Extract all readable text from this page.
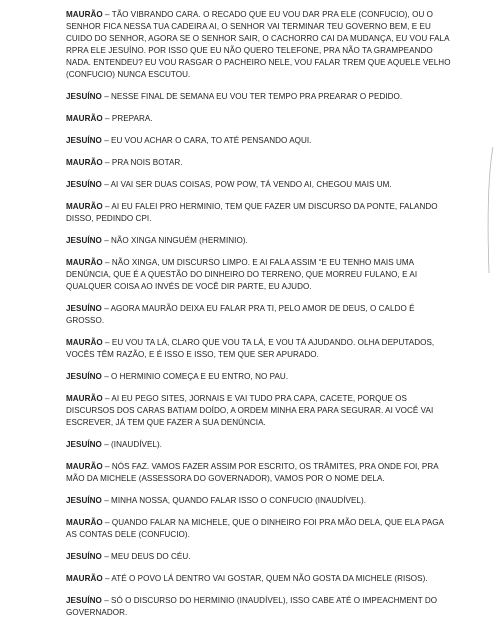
MAURÃO – TÃO VIBRANDO CARA. O RECADO QUE EU VOU DAR PRA ELE (CONFUCIO), OU O SENHOR FICA NESSA TUA CADEIRA AI, O SENHOR VAI TERMINAR TEU GOVERNO BEM, E EU CUIDO DO SENHOR, AGORA SE O SENHOR SAIR, O CACHORRO CAI DA MUDANÇA, EU VOU FALA RPRA ELE JESUÍNO. POR ISSO QUE EU NÃO QUERO TELEFONE, PRA NÃO TA GRAMPEANDO NADA. ENTENDEU? EU VOU RASGAR O PACHEIRO NELE, VOU FALAR TREM QUE AQUELE VELHO (CONFUCIO) NUNCA ESCUTOU.

JESUÍNO – NESSE FINAL DE SEMANA EU VOU TER TEMPO PRA PREARAR O PEDIDO.

MAURÃO – PREPARA.

JESUÍNO – EU VOU ACHAR O CARA, TO ATÉ PENSANDO AQUI.

MAURÃO – PRA NOIS BOTAR.

JESUÍNO – AI VAI SER DUAS COISAS, POW POW, TÁ VENDO AI, CHEGOU MAIS UM.

MAURÃO – AI EU FALEI PRO HERMINIO, TEM QUE FAZER UM DISCURSO DA PONTE, FALANDO DISSO, PEDINDO CPI.

JESUÍNO – NÃO XINGA NINGUÉM (HERMINIO).

MAURÃO – NÃO XINGA, UM DISCURSO LIMPO. E AI FALA ASSIM “E EU TENHO MAIS UMA DENÚNCIA, QUE É A QUESTÃO DO DINHEIRO DO TERRENO, QUE MORREU FULANO, E AI QUALQUER COISA AO INVÉS DE VOCÊ DIR PARTE, EU AJUDO.

JESUÍNO – AGORA MAURÃO DEIXA EU FALAR PRA TI, PELO AMOR DE DEUS, O CALDO É GROSSO.

MAURÃO – EU VOU TA LÁ, CLARO QUE VOU TA LÁ, E VOU TÁ AJUDANDO. OLHA DEPUTADOS, VOCÊS TÊM RAZÃO, E É ISSO E ISSO, TEM QUE SER APURADO.

JESUÍNO – O HERMINIO COMEÇA E EU ENTRO, NO PAU.

MAURÃO – AI EU PEGO SITES, JORNAIS E VAI TUDO PRA CAPA, CACETE, PORQUE OS DISCURSOS DOS CARAS BATIAM DOÍDO, A ORDEM MINHA ERA PARA SEGURAR. AI VOCÊ VAI ESCREVER, JÁ TEM QUE FAZER A SUA DENÚNCIA.

JESUÍNO – (INAUDÍVEL).

MAURÃO – NÓS FAZ. VAMOS FAZER ASSIM POR ESCRITO, OS TRÂMITES, PRA ONDE FOI, PRA MÃO DA MICHELE (ASSESSORA DO GOVERNADOR), VAMOS POR O NOME DELA.

JESUÍNO – MINHA NOSSA, QUANDO FALAR ISSO O CONFUCIO (INAUDÍVEL).

MAURÃO – QUANDO FALAR NA MICHELE, QUE O DINHEIRO FOI PRA MÃO DELA, QUE ELA PAGA AS CONTAS DELE (CONFUCIO).

JESUÍNO – MEU DEUS DO CÉU.

MAURÃO – ATÉ O POVO LÁ DENTRO VAI GOSTAR, QUEM NÃO GOSTA DA MICHELE (RISOS).

JESUÍNO – SÓ O DISCURSO DO HERMINIO (INAUDÍVEL), ISSO CABE ATÉ O IMPEACHMENT DO GOVERNADOR.
